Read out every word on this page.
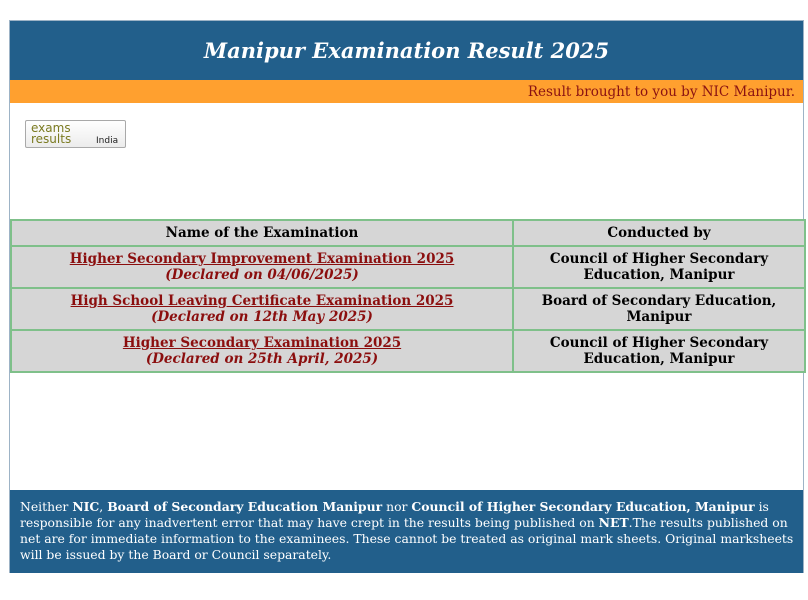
Manipur Examination Result 2025
Result brought to you by NIC Manipur.
exams
results	India
Name of the Examination	Conducted by

Higher Secondary Improvement Examination 2025
(Declared on 04/06/2025)	Council of Higher Secondary Education, Manipur

High School Leaving Certificate Examination 2025
(Declared on 12th May 2025)	Board of Secondary Education, Manipur

Higher Secondary Examination 2025
(Declared on 25th April, 2025)	Council of Higher Secondary Education, Manipur
Neither NIC, Board of Secondary Education Manipur nor Council of Higher Secondary Education, Manipur is responsible for any inadvertent error that may have crept in the results being published on NET.The results published on net are for immediate information to the examinees. These cannot be treated as original mark sheets. Original marksheets will be issued by the Board or Council separately.
